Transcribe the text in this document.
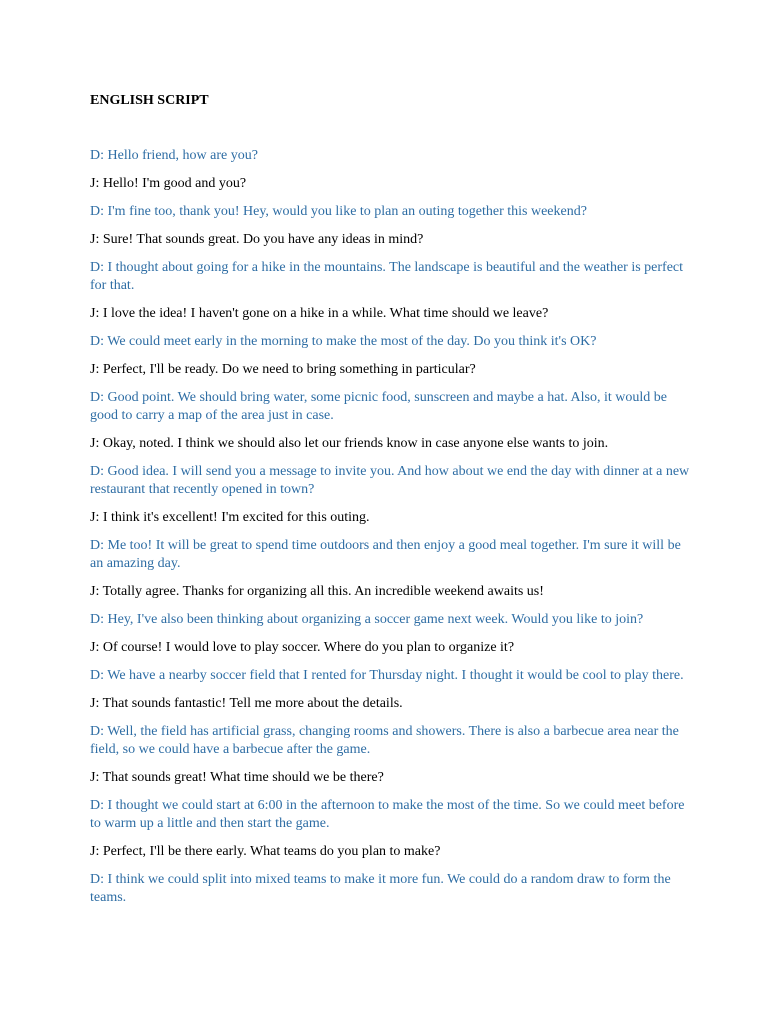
ENGLISH SCRIPT

D: Hello friend, how are you?

J: Hello! I'm good and you?

D: I'm fine too, thank you! Hey, would you like to plan an outing together this weekend?

J: Sure! That sounds great. Do you have any ideas in mind?

D: I thought about going for a hike in the mountains. The landscape is beautiful and the weather is perfect for that.

J: I love the idea! I haven't gone on a hike in a while. What time should we leave?

D: We could meet early in the morning to make the most of the day. Do you think it's OK?

J: Perfect, I'll be ready. Do we need to bring something in particular?

D: Good point. We should bring water, some picnic food, sunscreen and maybe a hat. Also, it would be good to carry a map of the area just in case.

J: Okay, noted. I think we should also let our friends know in case anyone else wants to join.

D: Good idea. I will send you a message to invite you. And how about we end the day with dinner at a new restaurant that recently opened in town?

J: I think it's excellent! I'm excited for this outing.

D: Me too! It will be great to spend time outdoors and then enjoy a good meal together. I'm sure it will be an amazing day.

J: Totally agree. Thanks for organizing all this. An incredible weekend awaits us!

D: Hey, I've also been thinking about organizing a soccer game next week. Would you like to join?

J: Of course! I would love to play soccer. Where do you plan to organize it?

D: We have a nearby soccer field that I rented for Thursday night. I thought it would be cool to play there.

J: That sounds fantastic! Tell me more about the details.

D: Well, the field has artificial grass, changing rooms and showers. There is also a barbecue area near the field, so we could have a barbecue after the game.

J: That sounds great! What time should we be there?

D: I thought we could start at 6:00 in the afternoon to make the most of the time. So we could meet before to warm up a little and then start the game.

J: Perfect, I'll be there early. What teams do you plan to make?

D: I think we could split into mixed teams to make it more fun. We could do a random draw to form the teams.
